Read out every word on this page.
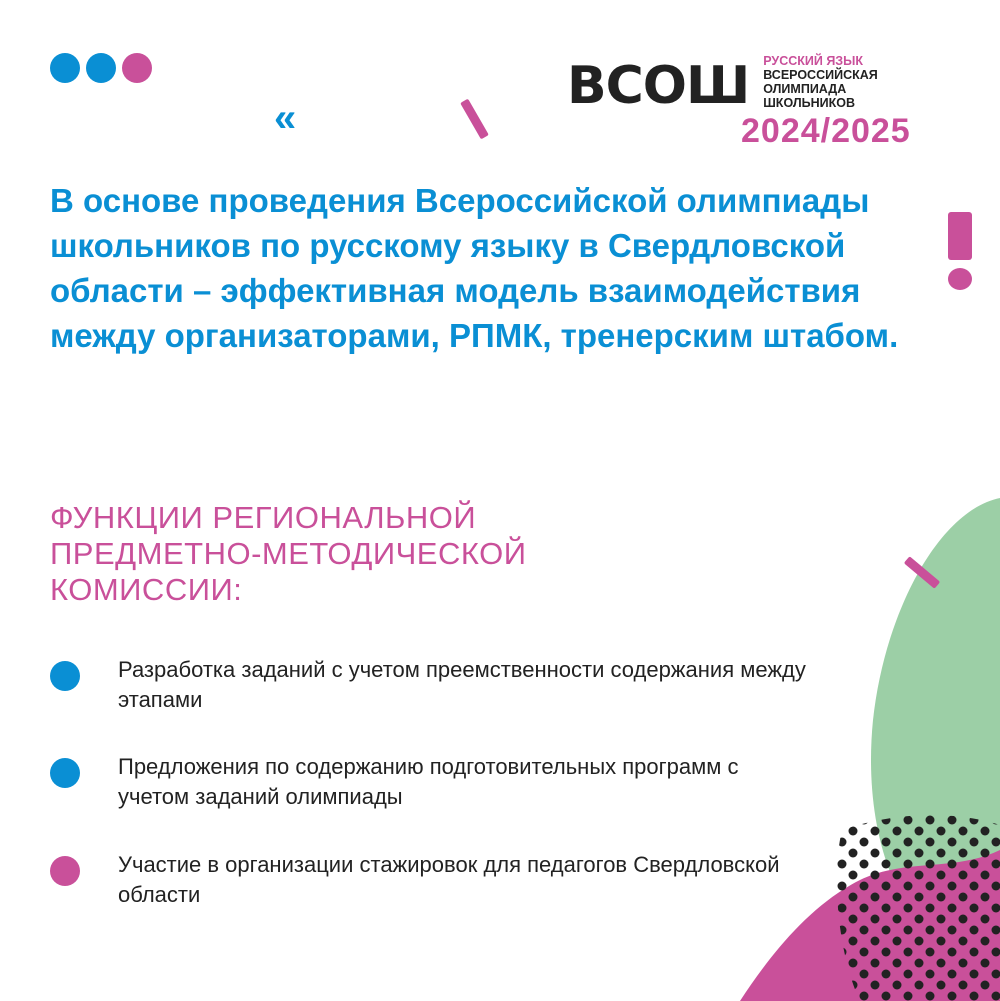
«
ВСОШ РУССКИЙ ЯЗЫК
ВСЕРОССИЙСКАЯ
ОЛИМПИАДА
ШКОЛЬНИКОВ
2024/2025

В основе проведения Всероссийской олимпиады школьников по русскому языку в Свердловской области – эффективная модель взаимодействия между организаторами, РПМК, тренерским штабом.

ФУНКЦИИ РЕГИОНАЛЬНОЙ ПРЕДМЕТНО-МЕТОДИЧЕСКОЙ КОМИССИИ:
Разработка заданий с учетом преемственности содержания между этапами
Предложения по содержанию подготовительных программ с учетом заданий олимпиады
Участие в организации стажировок для педагогов Свердловской области
